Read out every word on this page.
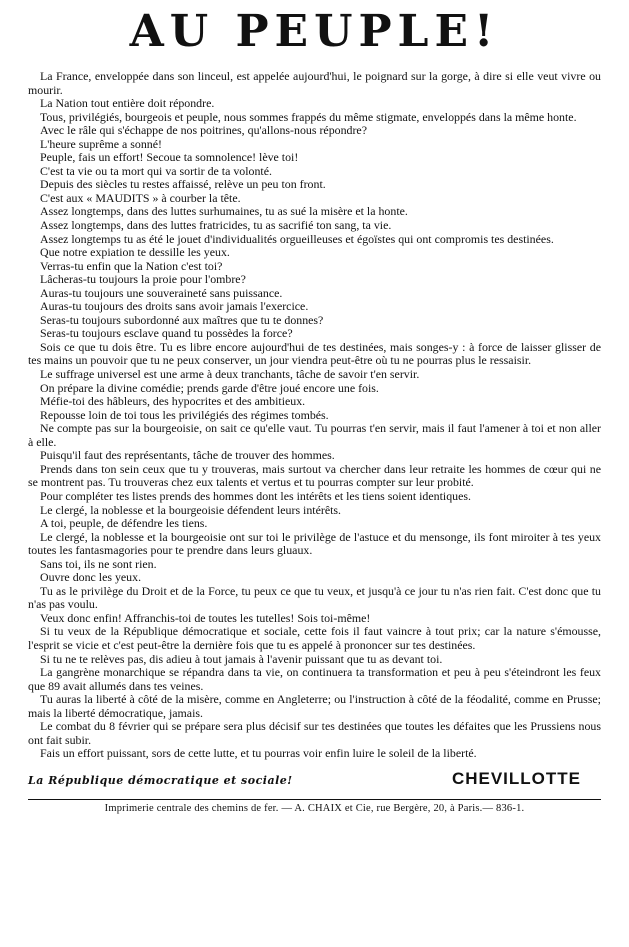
AU PEUPLE!

La France, enveloppée dans son linceul, est appelée aujourd'hui, le poignard sur la gorge, à dire si elle veut vivre ou mourir.

La Nation tout entière doit répondre.

Tous, privilégiés, bourgeois et peuple, nous sommes frappés du même stigmate, enveloppés dans la même honte.

Avec le râle qui s'échappe de nos poitrines, qu'allons-nous répondre?

L'heure suprême a sonné!

Peuple, fais un effort! Secoue ta somnolence! lève toi!

C'est ta vie ou ta mort qui va sortir de ta volonté.

Depuis des siècles tu restes affaissé, relève un peu ton front.

C'est aux « MAUDITS » à courber la tête.

Assez longtemps, dans des luttes surhumaines, tu as sué la misère et la honte.

Assez longtemps, dans des luttes fratricides, tu as sacrifié ton sang, ta vie.

Assez longtemps tu as été le jouet d'individualités orgueilleuses et égoïstes qui ont compromis tes destinées.

Que notre expiation te dessille les yeux.

Verras-tu enfin que la Nation c'est toi?

Lâcheras-tu toujours la proie pour l'ombre?

Auras-tu toujours une souveraineté sans puissance.

Auras-tu toujours des droits sans avoir jamais l'exercice.

Seras-tu toujours subordonné aux maîtres que tu te donnes?

Seras-tu toujours esclave quand tu possèdes la force?

Sois ce que tu dois être. Tu es libre encore aujourd'hui de tes destinées, mais songes-y : à force de laisser glisser de tes mains un pouvoir que tu ne peux conserver, un jour viendra peut-être où tu ne pourras plus le ressaisir.

Le suffrage universel est une arme à deux tranchants, tâche de savoir t'en servir.

On prépare la divine comédie; prends garde d'être joué encore une fois.

Méfie-toi des hâbleurs, des hypocrites et des ambitieux.

Repousse loin de toi tous les privilégiés des régimes tombés.

Ne compte pas sur la bourgeoisie, on sait ce qu'elle vaut. Tu pourras t'en servir, mais il faut l'amener à toi et non aller à elle.

Puisqu'il faut des représentants, tâche de trouver des hommes.

Prends dans ton sein ceux que tu y trouveras, mais surtout va chercher dans leur retraite les hommes de cœur qui ne se montrent pas. Tu trouveras chez eux talents et vertus et tu pourras compter sur leur probité.

Pour compléter tes listes prends des hommes dont les intérêts et les tiens soient identiques.

Le clergé, la noblesse et la bourgeoisie défendent leurs intérêts.

A toi, peuple, de défendre les tiens.

Le clergé, la noblesse et la bourgeoisie ont sur toi le privilège de l'astuce et du mensonge, ils font miroiter à tes yeux toutes les fantasmagories pour te prendre dans leurs gluaux.

Sans toi, ils ne sont rien.

Ouvre donc les yeux.

Tu as le privilège du Droit et de la Force, tu peux ce que tu veux, et jusqu'à ce jour tu n'as rien fait. C'est donc que tu n'as pas voulu.

Veux donc enfin! Affranchis-toi de toutes les tutelles! Sois toi-même!

Si tu veux de la République démocratique et sociale, cette fois il faut vaincre à tout prix; car la nature s'émousse, l'esprit se vicie et c'est peut-être la dernière fois que tu es appelé à prononcer sur tes destinées.

Si tu ne te relèves pas, dis adieu à tout jamais à l'avenir puissant que tu as devant toi.

La gangrène monarchique se répandra dans ta vie, on continuera ta transformation et peu à peu s'éteindront les feux que 89 avait allumés dans tes veines.

Tu auras la liberté à côté de la misère, comme en Angleterre; ou l'instruction à côté de la féodalité, comme en Prusse; mais la liberté démocratique, jamais.

Le combat du 8 février qui se prépare sera plus décisif sur tes destinées que toutes les défaites que les Prussiens nous ont fait subir.

Fais un effort puissant, sors de cette lutte, et tu pourras voir enfin luire le soleil de la liberté.

La République démocratique et sociale!	CHEVILLOTTE
Imprimerie centrale des chemins de fer. — A. CHAIX et Cie, rue Bergère, 20, à Paris.— 836-1.
